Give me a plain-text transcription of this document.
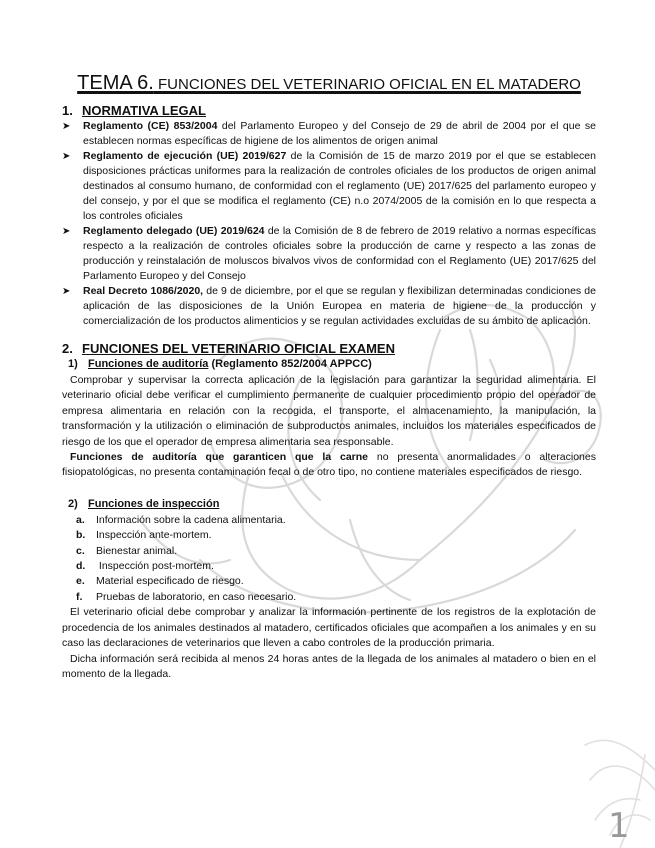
TEMA 6. FUNCIONES DEL VETERINARIO OFICIAL EN EL MATADERO
1. NORMATIVA LEGAL
➤ Reglamento (CE) 853/2004 del Parlamento Europeo y del Consejo de 29 de abril de 2004 por el que se establecen normas específicas de higiene de los alimentos de origen animal
➤ Reglamento de ejecución (UE) 2019/627 de la Comisión de 15 de marzo 2019 por el que se establecen disposiciones prácticas uniformes para la realización de controles oficiales de los productos de origen animal destinados al consumo humano, de conformidad con el reglamento (UE) 2017/625 del parlamento europeo y del consejo, y por el que se modifica el reglamento (CE) n.o 2074/2005 de la comisión en lo que respecta a los controles oficiales
➤ Reglamento delegado (UE) 2019/624 de la Comisión de 8 de febrero de 2019 relativo a normas específicas respecto a la realización de controles oficiales sobre la producción de carne y respecto a las zonas de producción y reinstalación de moluscos bivalvos vivos de conformidad con el Reglamento (UE) 2017/625 del Parlamento Europeo y del Consejo
➤ Real Decreto 1086/2020, de 9 de diciembre, por el que se regulan y flexibilizan determinadas condiciones de aplicación de las disposiciones de la Unión Europea en materia de higiene de la producción y comercialización de los productos alimenticios y se regulan actividades excluidas de su ámbito de aplicación.
2. FUNCIONES DEL VETERINARIO OFICIAL EXAMEN
1) Funciones de auditoría (Reglamento 852/2004 APPCC)

Comprobar y supervisar la correcta aplicación de la legislación para garantizar la seguridad alimentaria. El veterinario oficial debe verificar el cumplimiento permanente de cualquier procedimiento propio del operador de empresa alimentaria en relación con la recogida, el transporte, el almacenamiento, la manipulación, la transformación y la utilización o eliminación de subproductos animales, incluidos los materiales especificados de riesgo de los que el operador de empresa alimentaria sea responsable.

Funciones de auditoría que garanticen que la carne no presenta anormalidades o alteraciones fisiopatológicas, no presenta contaminación fecal o de otro tipo, no contiene materiales especificados de riesgo.

2) Funciones de inspección
a. Información sobre la cadena alimentaria.
b. Inspección ante-mortem.
c. Bienestar animal.
d. Inspección post-mortem.
e. Material especificado de riesgo.
f. Pruebas de laboratorio, en caso necesario.

El veterinario oficial debe comprobar y analizar la información pertinente de los registros de la explotación de procedencia de los animales destinados al matadero, certificados oficiales que acompañen a los animales y en su caso las declaraciones de veterinarios que lleven a cabo controles de la producción primaria.

Dicha información será recibida al menos 24 horas antes de la llegada de los animales al matadero o bien en el momento de la llegada.

1
